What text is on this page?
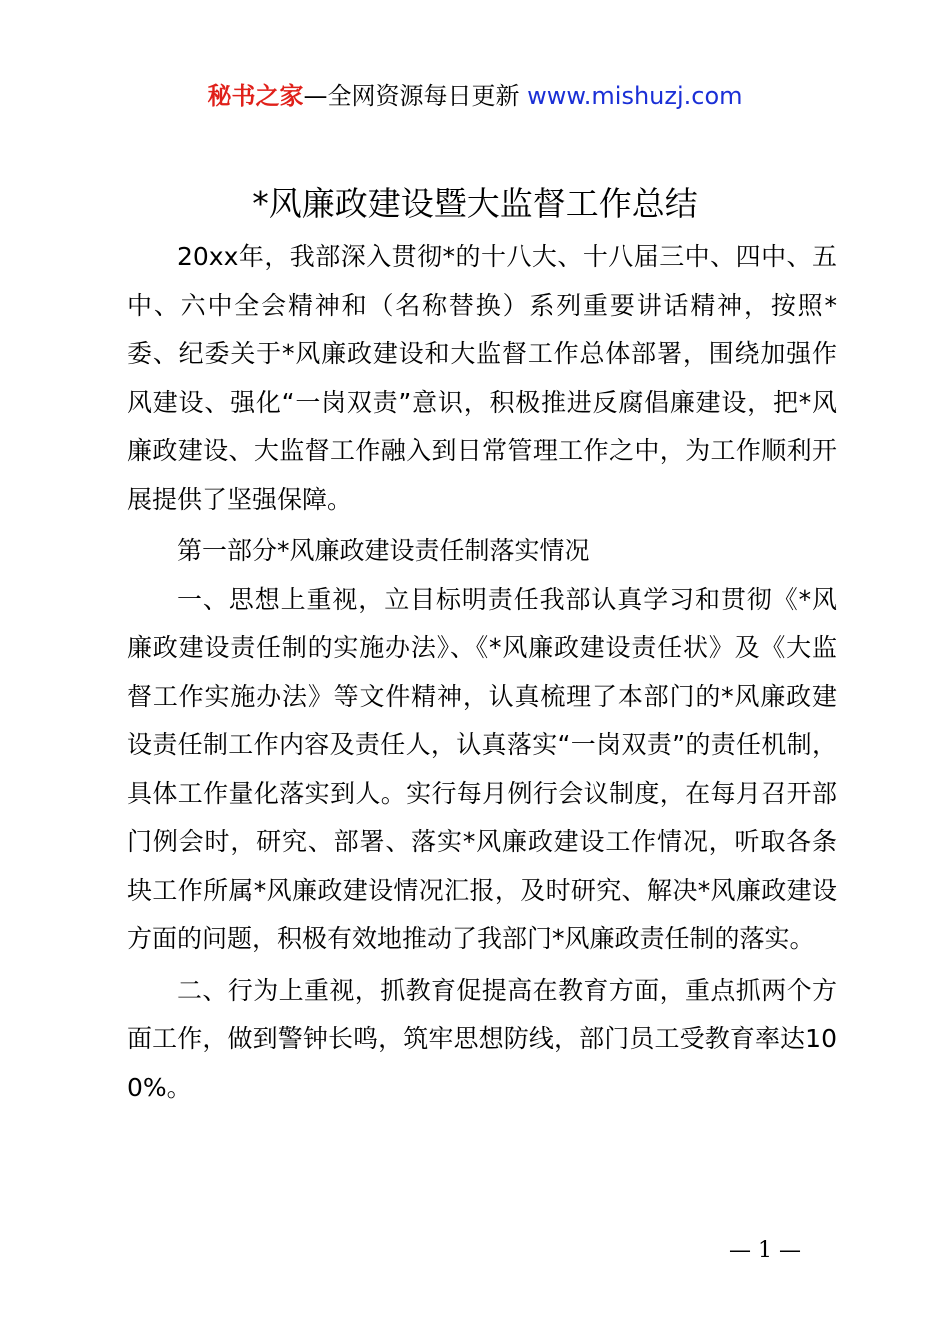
秘书之家—全网资源每日更新 www.mishuzj.com
*风廉政建设暨大监督工作总结

20xx年，我部深入贯彻*的十八大、十八届三中、四中、五中、六中全会精神和（名称替换）系列重要讲话精神，按照*委、纪委关于*风廉政建设和大监督工作总体部署，围绕加强作风建设、强化“一岗双责”意识，积极推进反腐倡廉建设，把*风廉政建设、大监督工作融入到日常管理工作之中，为工作顺利开展提供了坚强保障。

第一部分*风廉政建设责任制落实情况

一、思想上重视，立目标明责任我部认真学习和贯彻《*风廉政建设责任制的实施办法》、《*风廉政建设责任状》及《大监督工作实施办法》等文件精神，认真梳理了本部门的*风廉政建设责任制工作内容及责任人，认真落实“一岗双责”的责任机制，具体工作量化落实到人。实行每月例行会议制度，在每月召开部门例会时，研究、部署、落实*风廉政建设工作情况，听取各条块工作所属*风廉政建设情况汇报，及时研究、解决*风廉政建设方面的问题，积极有效地推动了我部门*风廉政责任制的落实。

二、行为上重视，抓教育促提高在教育方面，重点抓两个方面工作，做到警钟长鸣，筑牢思想防线，部门员工受教育率达100%。

— 1 —
